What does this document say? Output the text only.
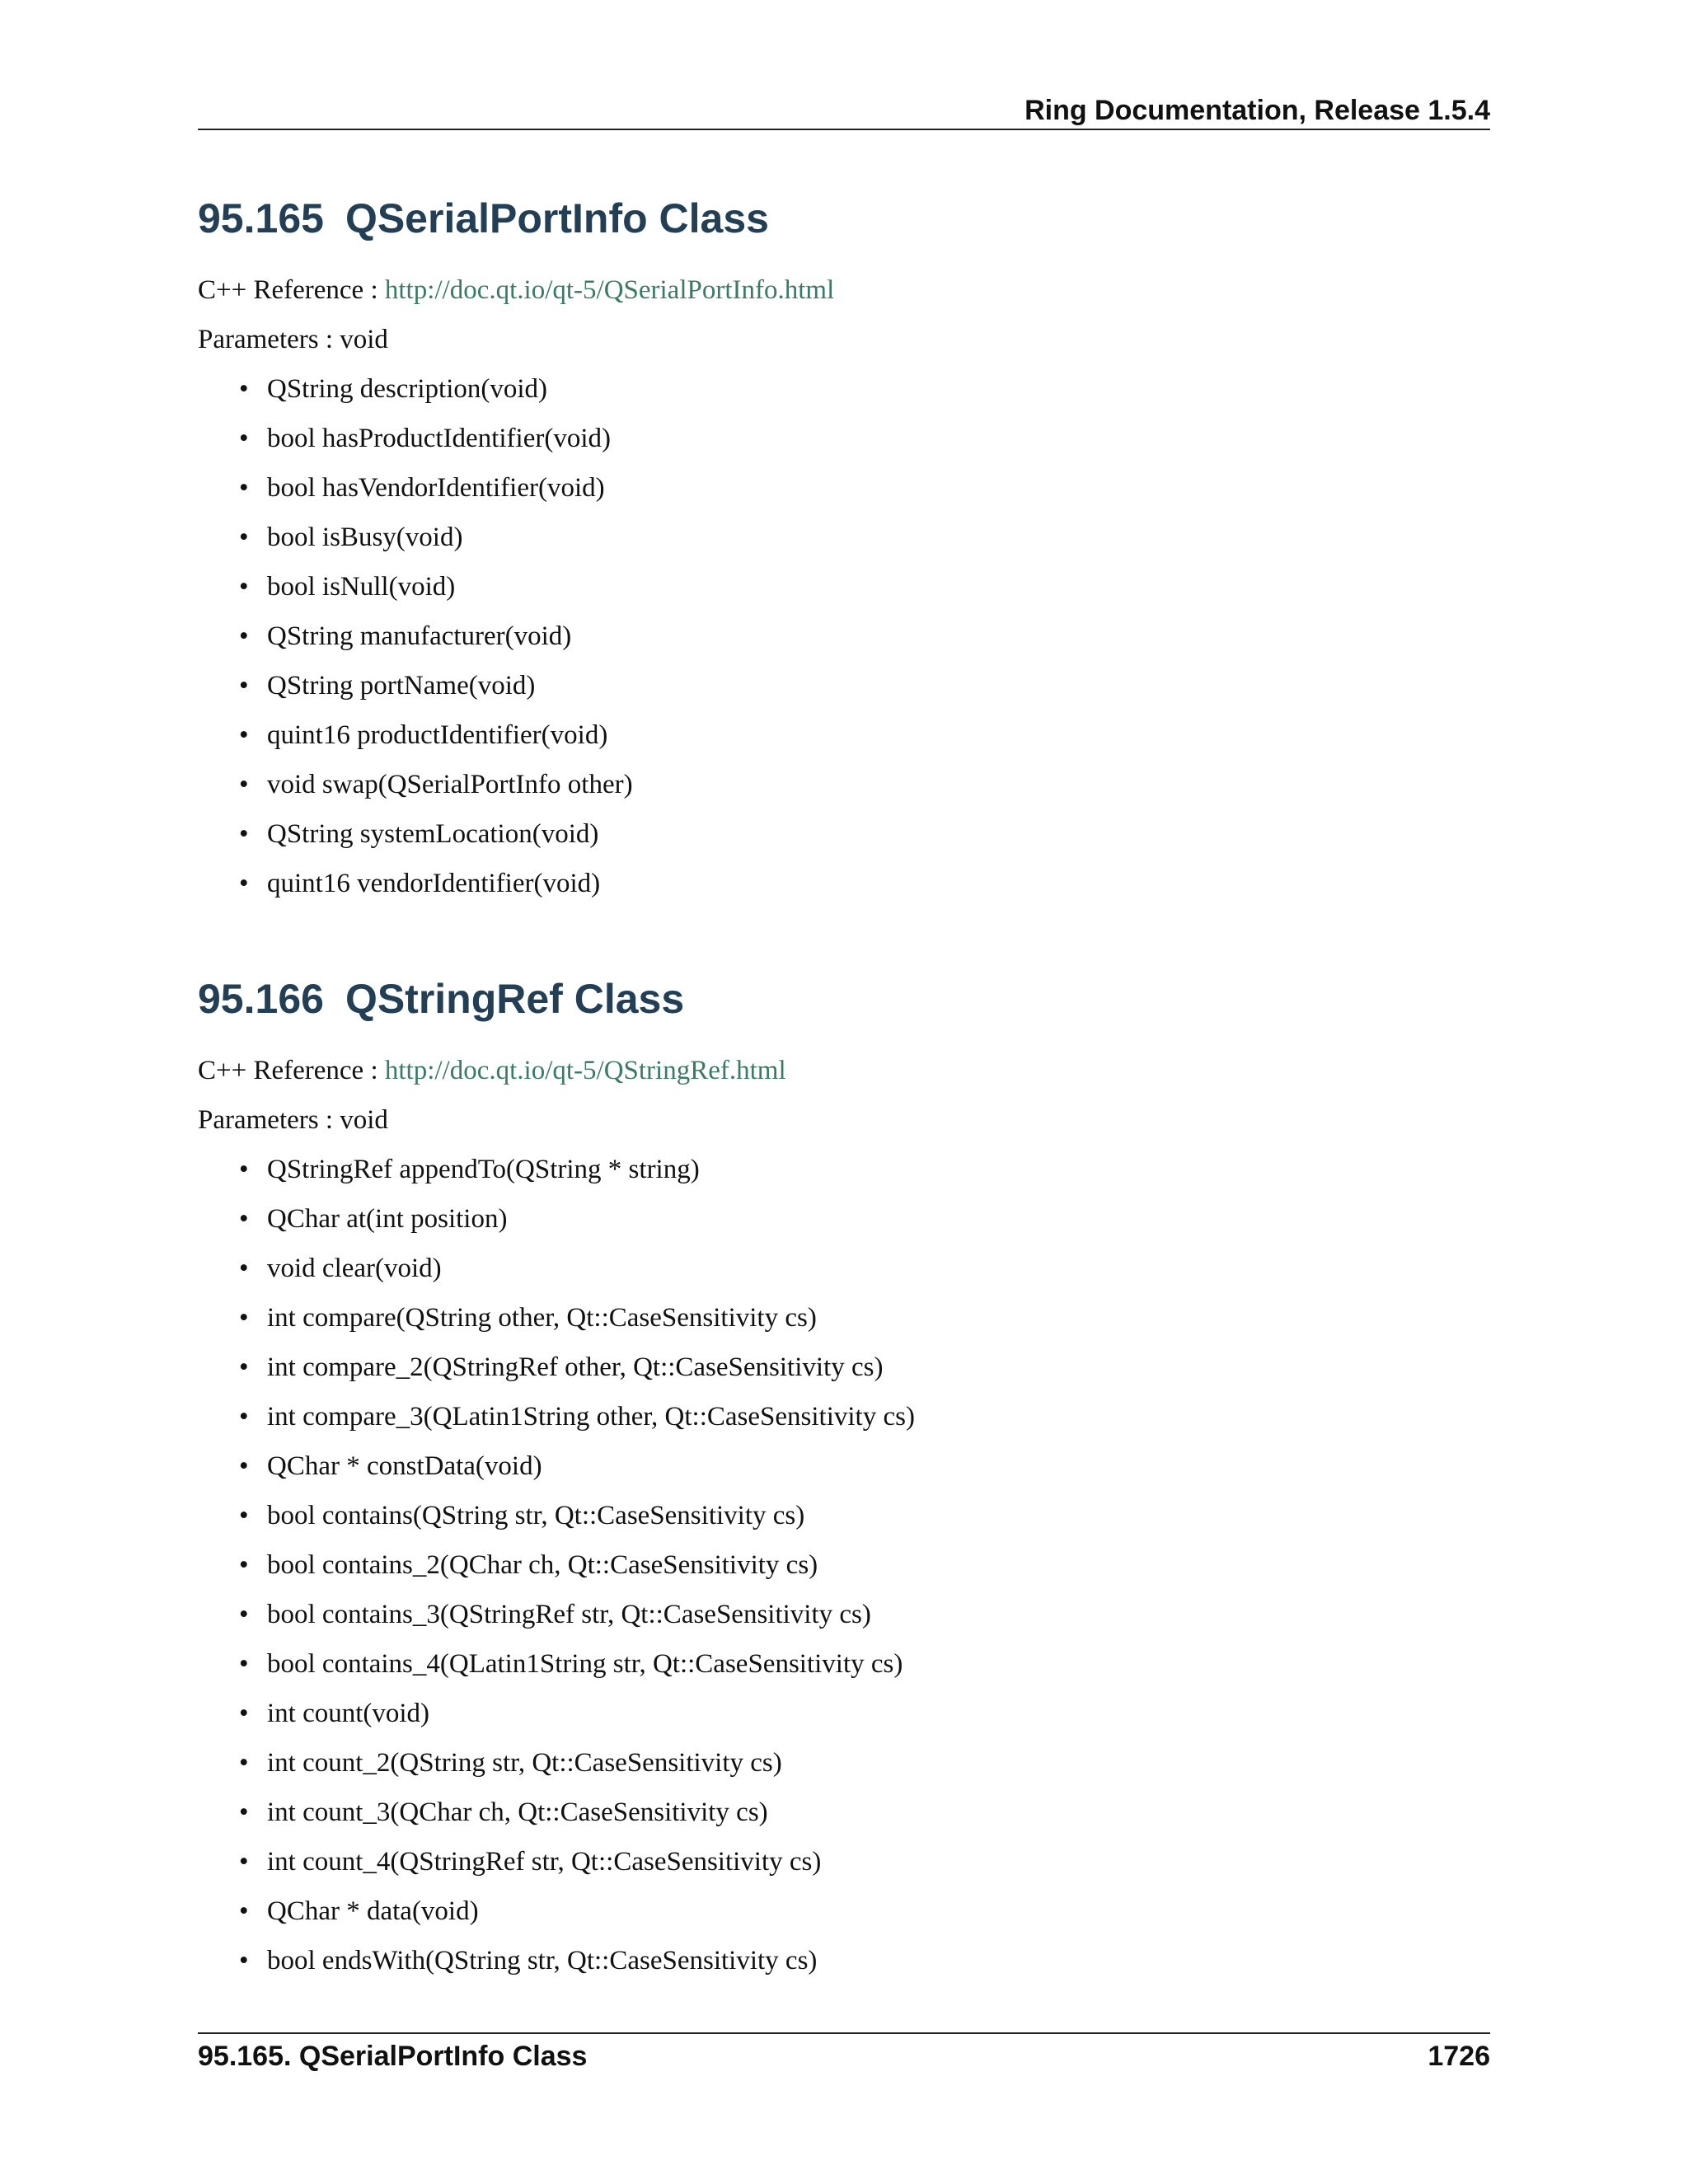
Ring Documentation, Release 1.5.4
95.165 QSerialPortInfo Class

C++ Reference : http://doc.qt.io/qt-5/QSerialPortInfo.html

Parameters : void

• QString description(void)
• bool hasProductIdentifier(void)
• bool hasVendorIdentifier(void)
• bool isBusy(void)
• bool isNull(void)
• QString manufacturer(void)
• QString portName(void)
• quint16 productIdentifier(void)
• void swap(QSerialPortInfo other)
• QString systemLocation(void)
• quint16 vendorIdentifier(void)
95.166 QStringRef Class

C++ Reference : http://doc.qt.io/qt-5/QStringRef.html

Parameters : void

• QStringRef appendTo(QString * string)
• QChar at(int position)
• void clear(void)
• int compare(QString other, Qt::CaseSensitivity cs)
• int compare_2(QStringRef other, Qt::CaseSensitivity cs)
• int compare_3(QLatin1String other, Qt::CaseSensitivity cs)
• QChar * constData(void)
• bool contains(QString str, Qt::CaseSensitivity cs)
• bool contains_2(QChar ch, Qt::CaseSensitivity cs)
• bool contains_3(QStringRef str, Qt::CaseSensitivity cs)
• bool contains_4(QLatin1String str, Qt::CaseSensitivity cs)
• int count(void)
• int count_2(QString str, Qt::CaseSensitivity cs)
• int count_3(QChar ch, Qt::CaseSensitivity cs)
• int count_4(QStringRef str, Qt::CaseSensitivity cs)
• QChar * data(void)
• bool endsWith(QString str, Qt::CaseSensitivity cs)
95.165. QSerialPortInfo Class	1726
